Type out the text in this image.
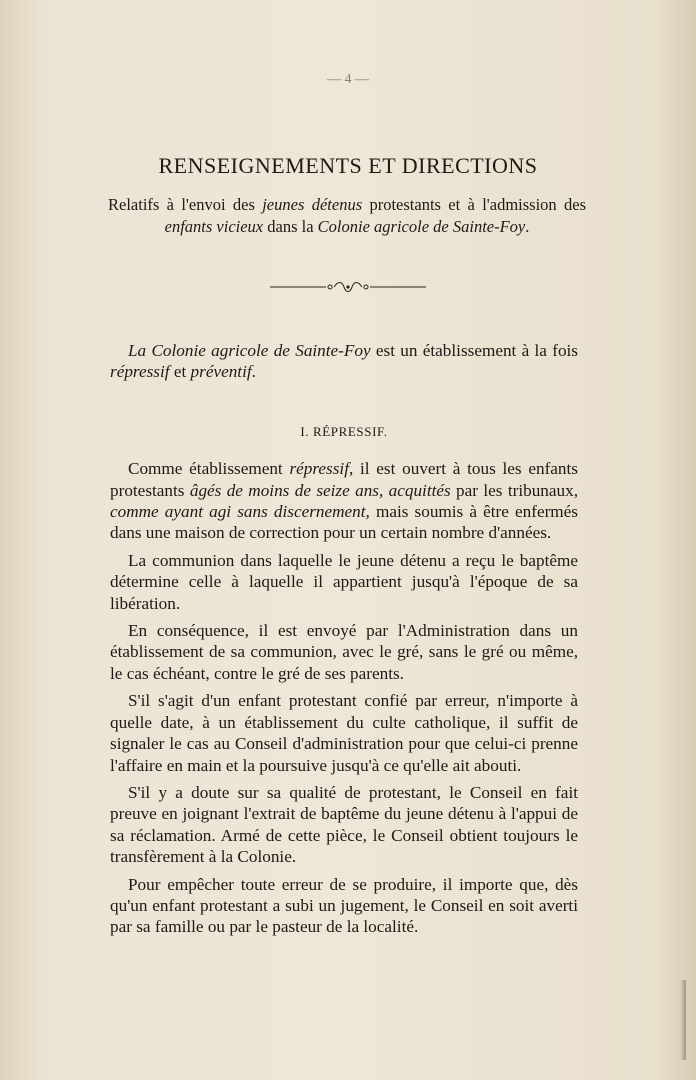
— 4 —
RENSEIGNEMENTS ET DIRECTIONS
Relatifs à l'envoi des jeunes détenus protestants et à l'admission des enfants vicieux dans la Colonie agricole de Sainte-Foy.

La Colonie agricole de Sainte-Foy est un établissement à la fois répressif et préventif.

I. RÉPRESSIF.

Comme établissement répressif, il est ouvert à tous les enfants protestants âgés de moins de seize ans, acquittés par les tribunaux, comme ayant agi sans discernement, mais soumis à être enfermés dans une maison de correction pour un certain nombre d'années.

La communion dans laquelle le jeune détenu a reçu le baptême détermine celle à laquelle il appartient jusqu'à l'époque de sa libération.

En conséquence, il est envoyé par l'Administration dans un établissement de sa communion, avec le gré, sans le gré ou même, le cas échéant, contre le gré de ses parents.

S'il s'agit d'un enfant protestant confié par erreur, n'importe à quelle date, à un établissement du culte catholique, il suffit de signaler le cas au Conseil d'administration pour que celui-ci prenne l'affaire en main et la poursuive jusqu'à ce qu'elle ait abouti.

S'il y a doute sur sa qualité de protestant, le Conseil en fait preuve en joignant l'extrait de baptême du jeune détenu à l'appui de sa réclamation. Armé de cette pièce, le Conseil obtient toujours le transfèrement à la Colonie.

Pour empêcher toute erreur de se produire, il importe que, dès qu'un enfant protestant a subi un jugement, le Conseil en soit averti par sa famille ou par le pasteur de la localité.
